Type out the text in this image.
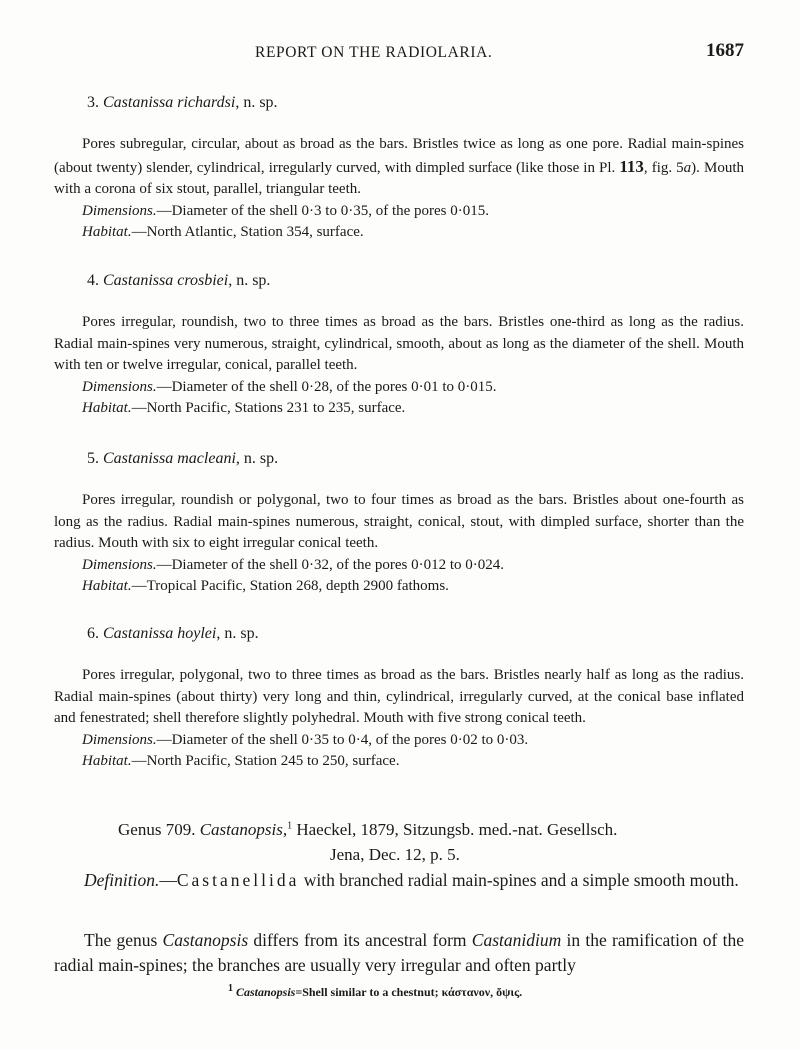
REPORT ON THE RADIOLARIA.	1687

3. Castanissa richardsi, n. sp.

Pores subregular, circular, about as broad as the bars. Bristles twice as long as one pore. Radial main-spines (about twenty) slender, cylindrical, irregularly curved, with dimpled surface (like those in Pl. 113, fig. 5a). Mouth with a corona of six stout, parallel, triangular teeth.

Dimensions.—Diameter of the shell 0·3 to 0·35, of the pores 0·015.

Habitat.—North Atlantic, Station 354, surface.

4. Castanissa crosbiei, n. sp.

Pores irregular, roundish, two to three times as broad as the bars. Bristles one-third as long as the radius. Radial main-spines very numerous, straight, cylindrical, smooth, about as long as the diameter of the shell. Mouth with ten or twelve irregular, conical, parallel teeth.

Dimensions.—Diameter of the shell 0·28, of the pores 0·01 to 0·015.

Habitat.—North Pacific, Stations 231 to 235, surface.

5. Castanissa macleani, n. sp.

Pores irregular, roundish or polygonal, two to four times as broad as the bars. Bristles about one-fourth as long as the radius. Radial main-spines numerous, straight, conical, stout, with dimpled surface, shorter than the radius. Mouth with six to eight irregular conical teeth.

Dimensions.—Diameter of the shell 0·32, of the pores 0·012 to 0·024.

Habitat.—Tropical Pacific, Station 268, depth 2900 fathoms.

6. Castanissa hoylei, n. sp.

Pores irregular, polygonal, two to three times as broad as the bars. Bristles nearly half as long as the radius. Radial main-spines (about thirty) very long and thin, cylindrical, irregularly curved, at the conical base inflated and fenestrated; shell therefore slightly polyhedral. Mouth with five strong conical teeth.

Dimensions.—Diameter of the shell 0·35 to 0·4, of the pores 0·02 to 0·03.

Habitat.—North Pacific, Station 245 to 250, surface.

Genus 709. Castanopsis,$^1$ Haeckel, 1879, Sitzungsb. med.-nat. Gesellsch.
Jena, Dec. 12, p. 5.

Definition.—Castanellida with branched radial main-spines and a simple smooth mouth.

The genus Castanopsis differs from its ancestral form Castanidium in the ramification of the radial main-spines; the branches are usually very irregular and often partly

$^1$ Castanopsis=Shell similar to a chestnut; κάστανον, ὄψις.
